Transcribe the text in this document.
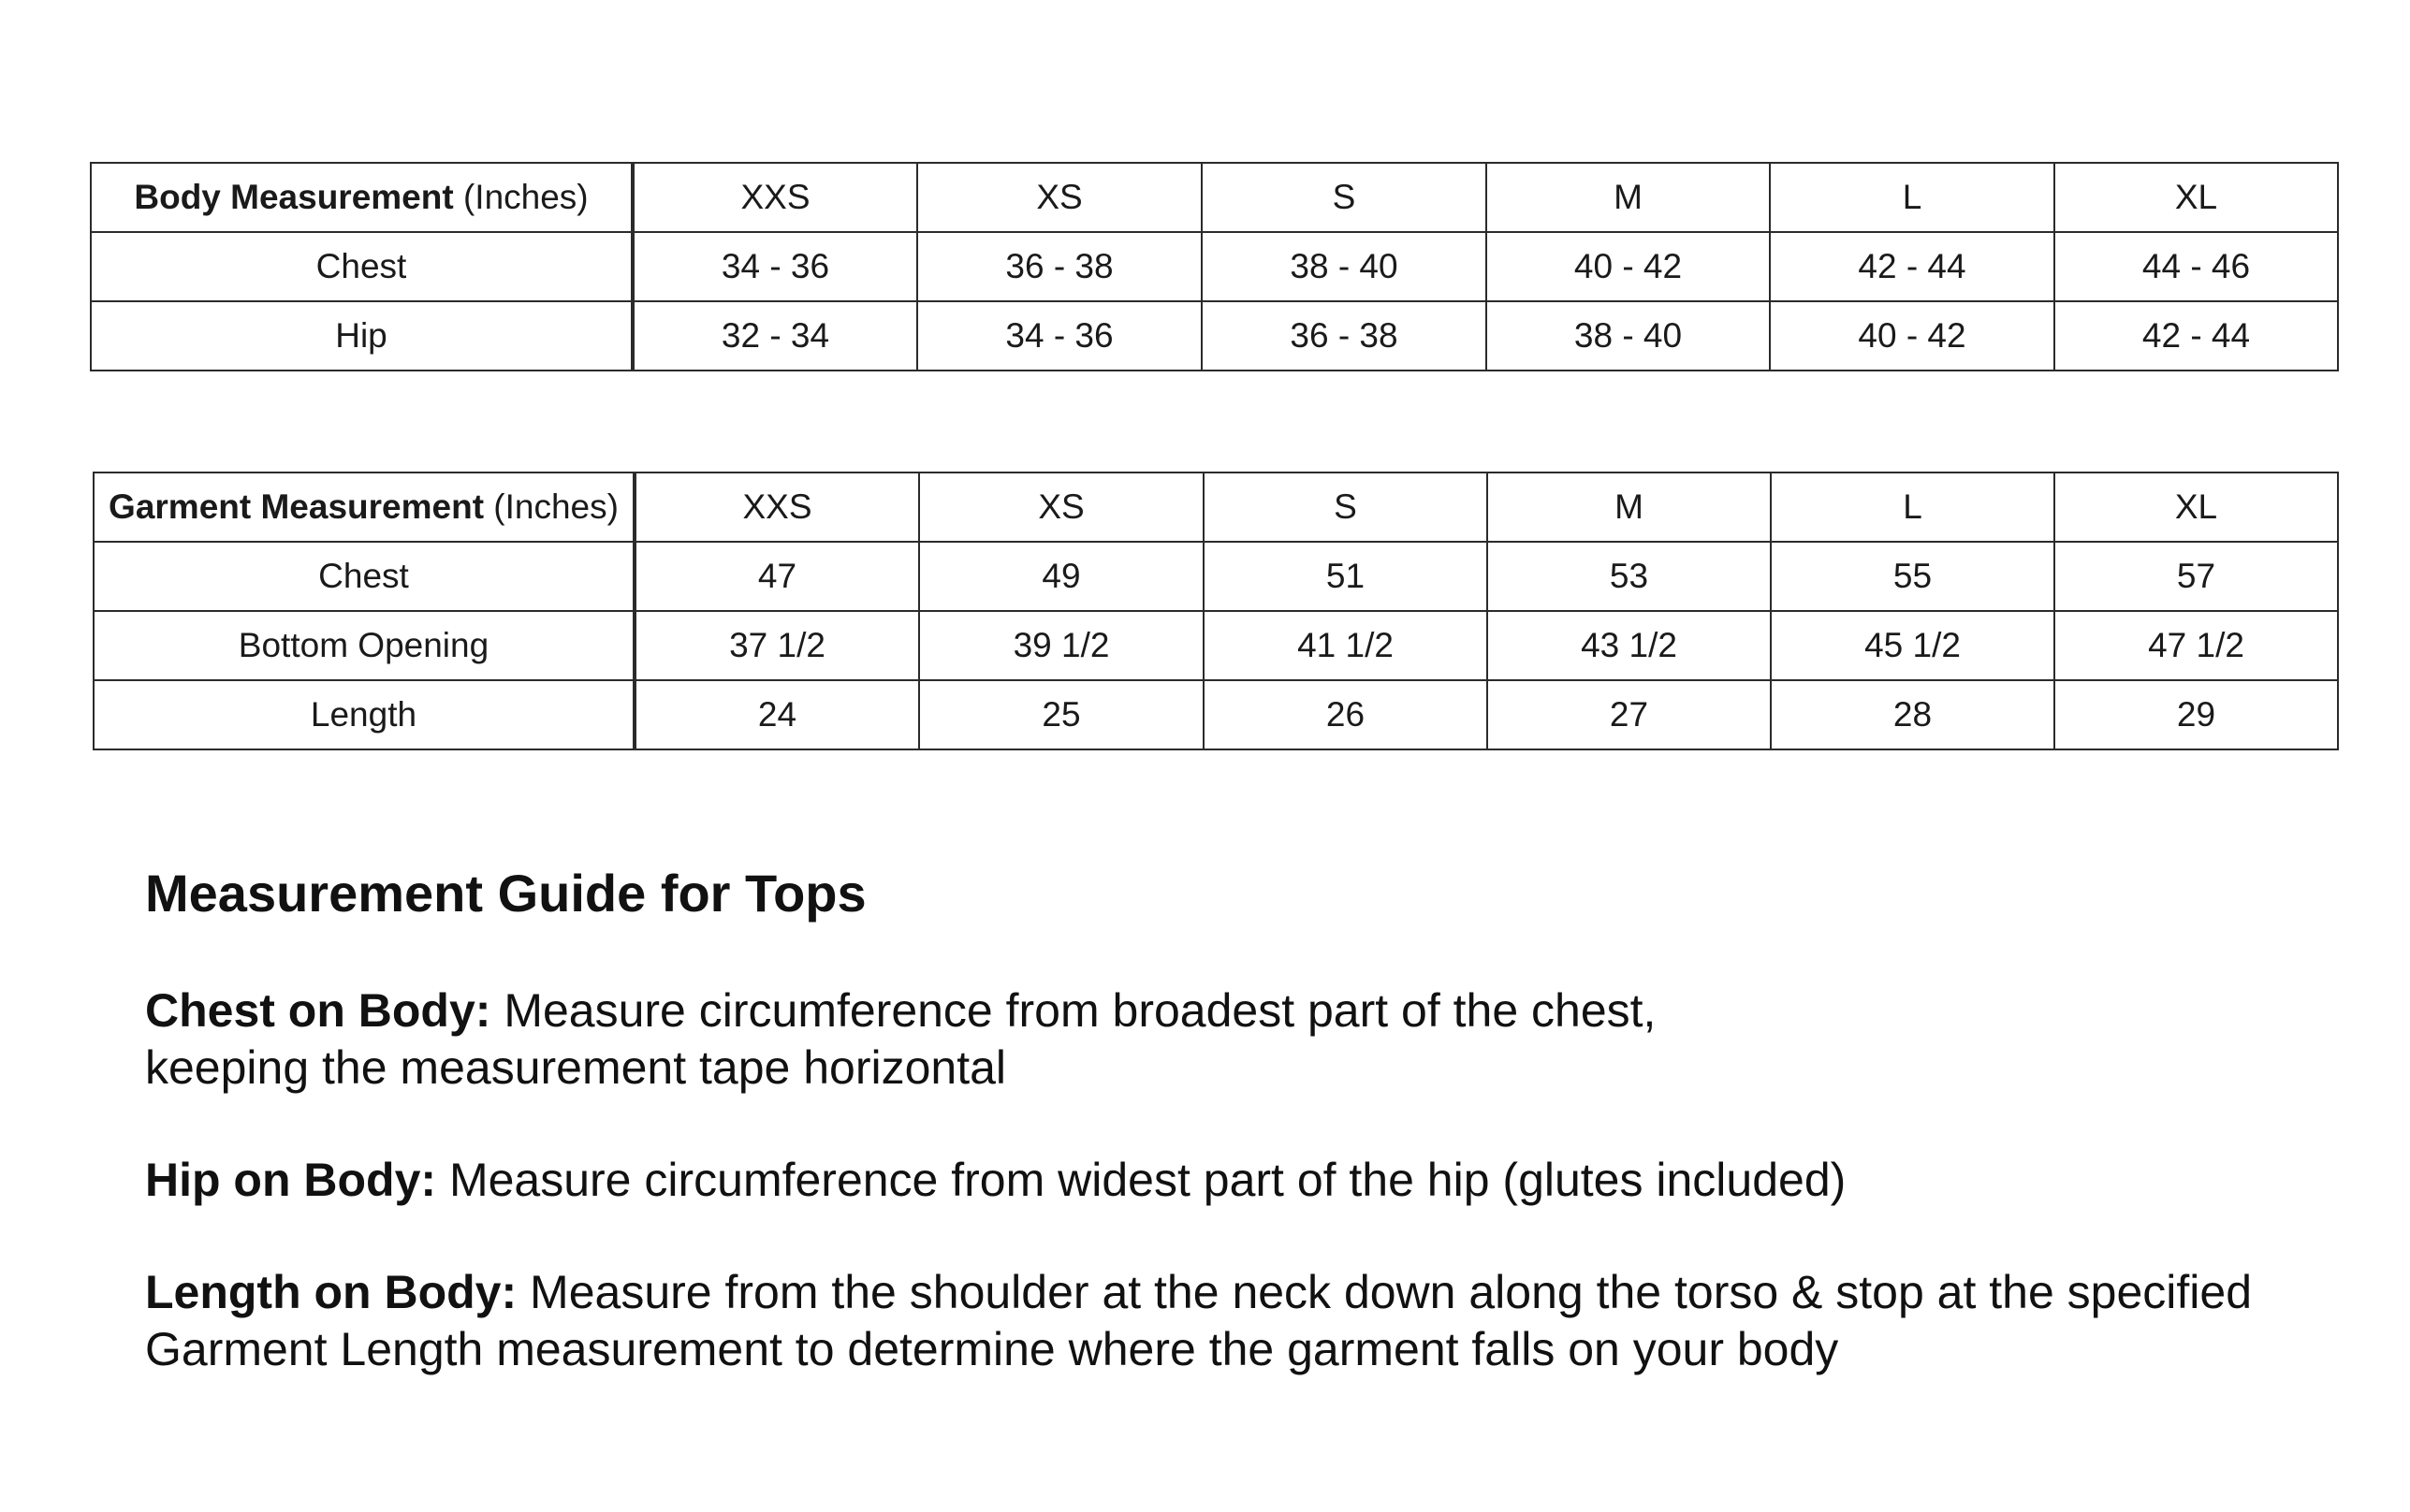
Body Measurement (Inches)	XXS	XS	S	M	L	XL
Chest	34 - 36	36 - 38	38 - 40	40 - 42	42 - 44	44 - 46
Hip	32 - 34	34 - 36	36 - 38	38 - 40	40 - 42	42 - 44
Garment Measurement (Inches)	XXS	XS	S	M	L	XL
Chest	47	49	51	53	55	57
Bottom Opening	37 1/2	39 1/2	41 1/2	43 1/2	45 1/2	47 1/2
Length	24	25	26	27	28	29
Measurement Guide for Tops

Chest on Body: Measure circumference from broadest part of the chest,
keeping the measurement tape horizontal

Hip on Body: Measure circumference from widest part of the hip (glutes included)

Length on Body: Measure from the shoulder at the neck down along the torso & stop at the specified
Garment Length measurement to determine where the garment falls on your body
